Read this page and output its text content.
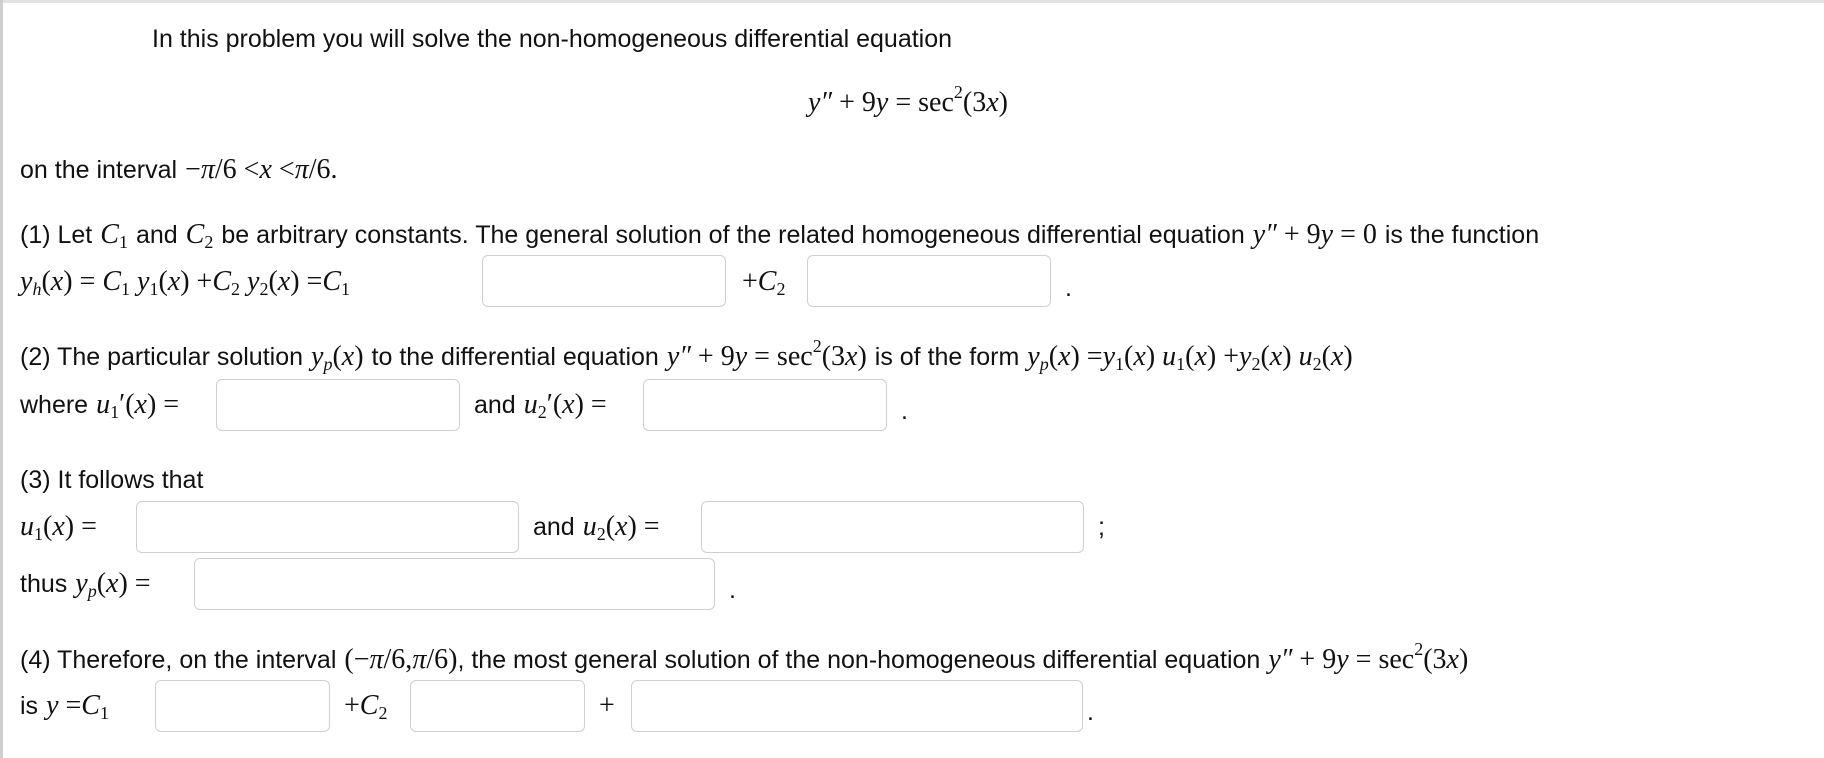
In this problem you will solve the non-homogeneous differential equation
y″ + 9 y = sec 2 (3 x )
on the interval − π /6 < x < π /6.
(1) Let C 1 and C 2 be arbitrary constants. The general solution of the related homogeneous differential equation y″ + 9 y = 0 is the function
y h ( x ) = C 1
y 1 ( x ) + C 2
y 2 ( x ) = C 1	+ C 2	.
(2) The particular solution y p ( x ) to the differential equation y″ + 9 y = sec 2 (3 x ) is of the form y p ( x ) = y 1 ( x ) u 1 ( x ) + y 2 ( x ) u 2 ( x )
where u 1 ′( x ) =	and u 2 ′( x ) =	.
(3) It follows that
u 1 ( x ) =	and u 2 ( x ) =	;
thus y p ( x ) =	.
(4) Therefore, on the interval (− π /6, π /6) , the most general solution of the non-homogeneous differential equation y″ + 9 y = sec 2 (3 x )
is y = C 1	+ C 2	+	.
